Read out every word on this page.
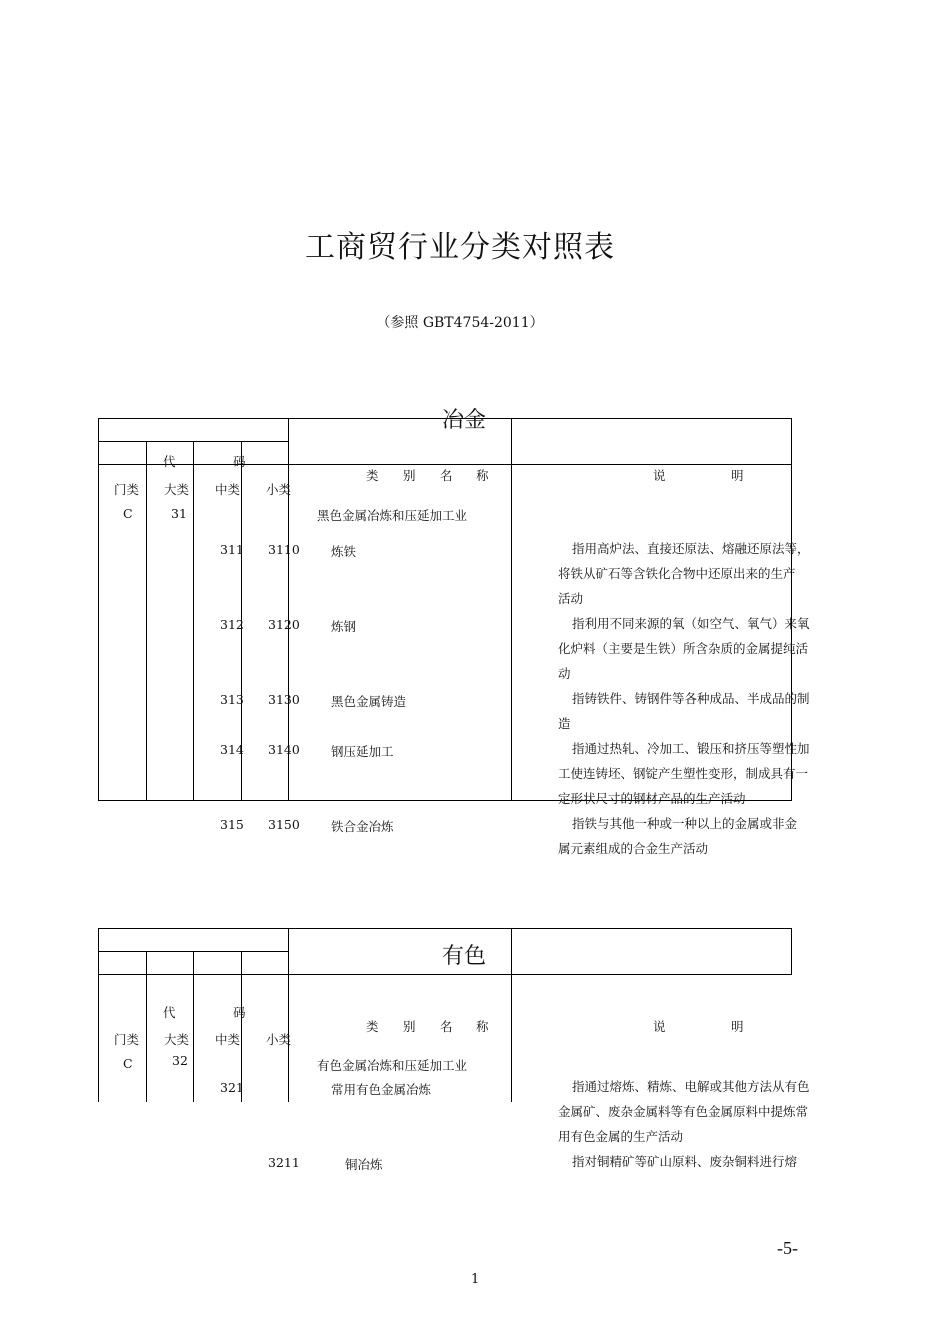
工商贸行业分类对照表
（参照 GBT4754-2011）
冶金
代	码
类 别 名 称	说	明
门类 大类 中类 小类
C	31	黑色金属冶炼和压延加工业
311 3110 炼铁	指用高炉法、直接还原法、熔融还原法等，
将铁从矿石等含铁化合物中还原出来的生产
活动
312 3120 炼钢	指利用不同来源的氧（如空气、氧气）来氧
化炉料（主要是生铁）所含杂质的金属提纯活
动
313 3130 黑色金属铸造	指铸铁件、铸钢件等各种成品、半成品的制
造
314 3140 钢压延加工	指通过热轧、冷加工、锻压和挤压等塑性加
工使连铸坯、钢锭产生塑性变形，制成具有一
定形状尺寸的钢材产品的生产活动
315 3150 铁合金冶炼	指铁与其他一种或一种以上的金属或非金
属元素组成的合金生产活动
有色
代	码
类 别 名 称	说	明
门类 大类 中类 小类
C	32	有色金属冶炼和压延加工业
321	常用有色金属冶炼	指通过熔炼、精炼、电解或其他方法从有色
金属矿、废杂金属料等有色金属原料中提炼常
用有色金属的生产活动
3211	铜冶炼	指对铜精矿等矿山原料、废杂铜料进行熔
-5-
1
